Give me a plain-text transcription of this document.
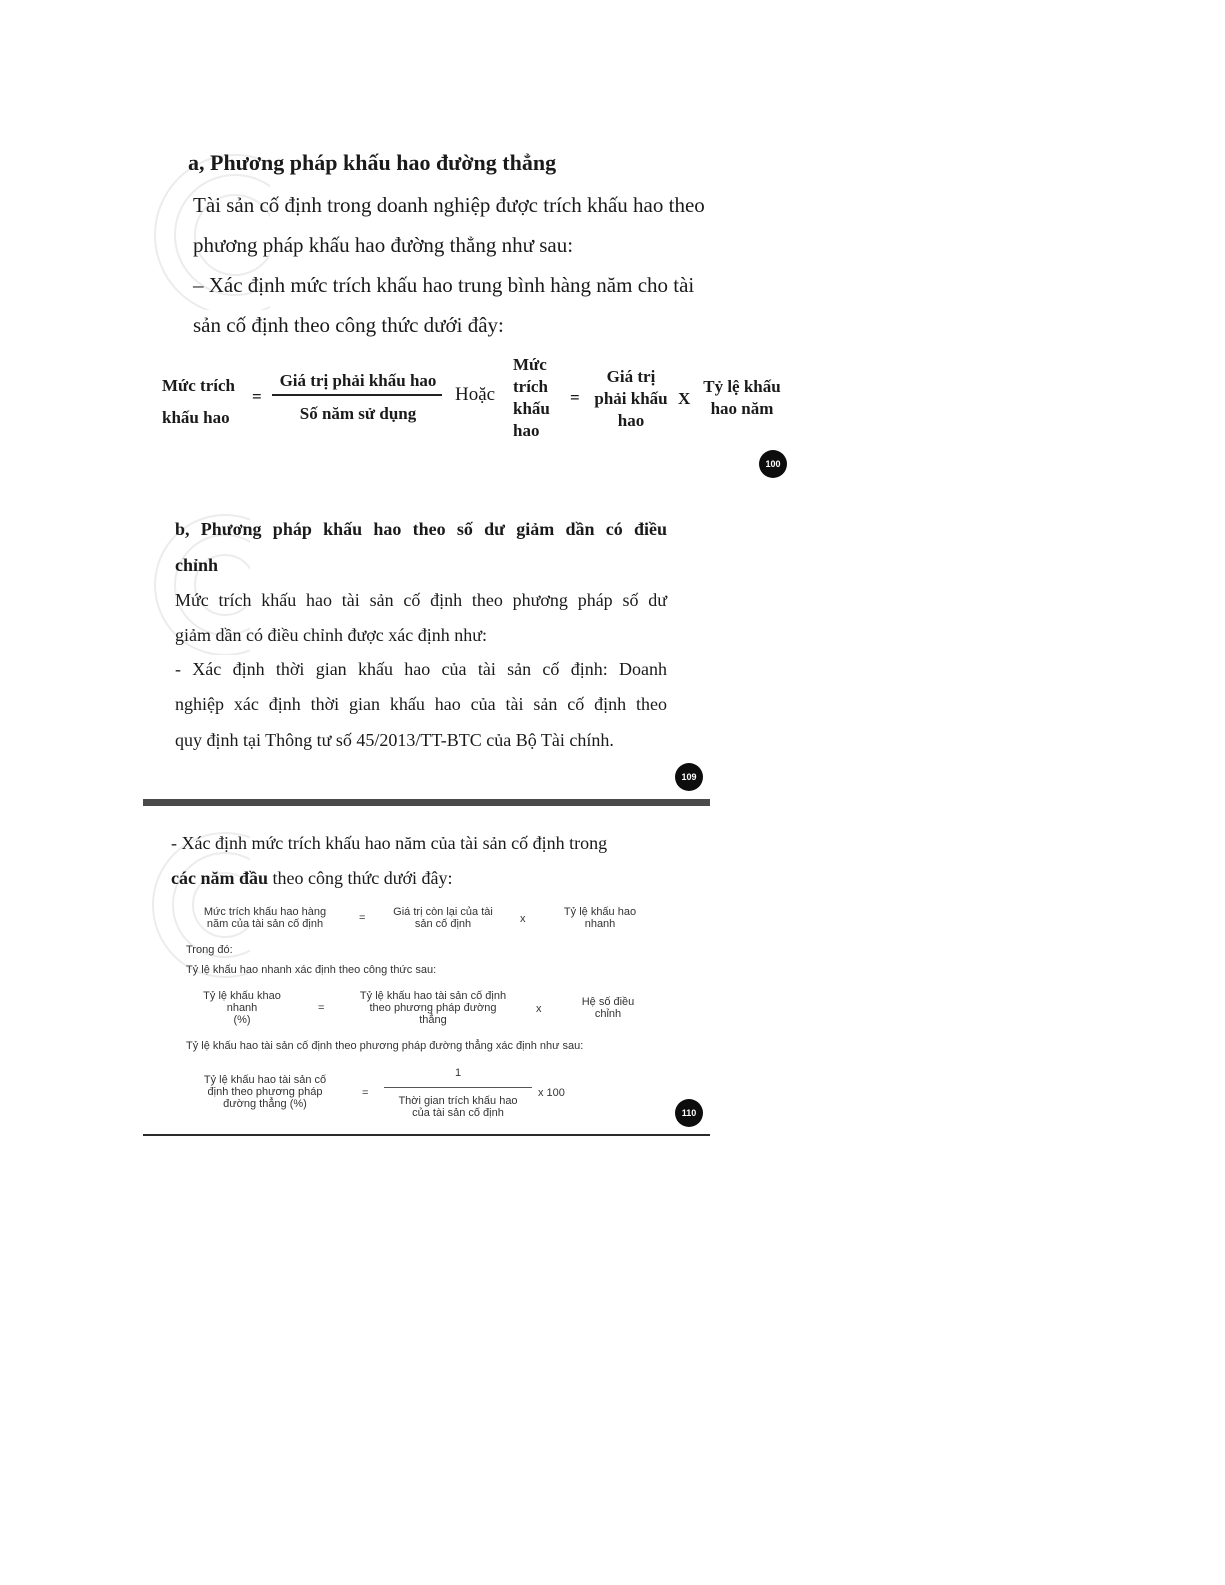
a, Phương pháp khấu hao đường thẳng
Tài sản cố định trong doanh nghiệp được trích khấu hao theo
phương pháp khấu hao đường thẳng như sau:
– Xác định mức trích khấu hao trung bình hàng năm cho tài
sản cố định theo công thức dưới đây:
Mức trích
khấu hao
=
Giá trị phải khấu hao
Số năm sử dụng
Hoặc
Mức
trích
khấu
hao
=
Giá trị
phải khấu
hao
X
Tỷ lệ khấu
hao năm
100
b, Phương pháp khấu hao theo số dư giảm dần có điều
chỉnh
Mức trích khấu hao tài sản cố định theo phương pháp số dư
giảm dần có điều chỉnh được xác định như:
- Xác định thời gian khấu hao của tài sản cố định: Doanh
nghiệp xác định thời gian khấu hao của tài sản cố định theo
quy định tại Thông tư số 45/2013/TT-BTC của Bộ Tài chính.
109
- Xác định mức trích khấu hao năm của tài sản cố định trong
các năm đầu theo công thức dưới đây:
Mức trích khấu hao hàng
năm của tài sản cố định	=	Giá trị còn lại của tài
sản cố định	x
Tỷ lệ khấu hao
nhanh
Trong đó:
Tỷ lệ khấu hao nhanh xác định theo công thức sau:
Tỷ lệ khấu khao
nhanh
(%)
=
Tỷ lệ khấu hao tài sản cố định
theo phương pháp đường
thẳng
x
Hệ số điều
chỉnh
Tỷ lệ khấu hao tài sản cố định theo phương pháp đường thẳng xác định như sau:
Tỷ lệ khấu hao tài sản cố
định theo phương pháp
đường thẳng (%)
=
1
Thời gian trích khấu hao
của tài sản cố định
x 100
110
